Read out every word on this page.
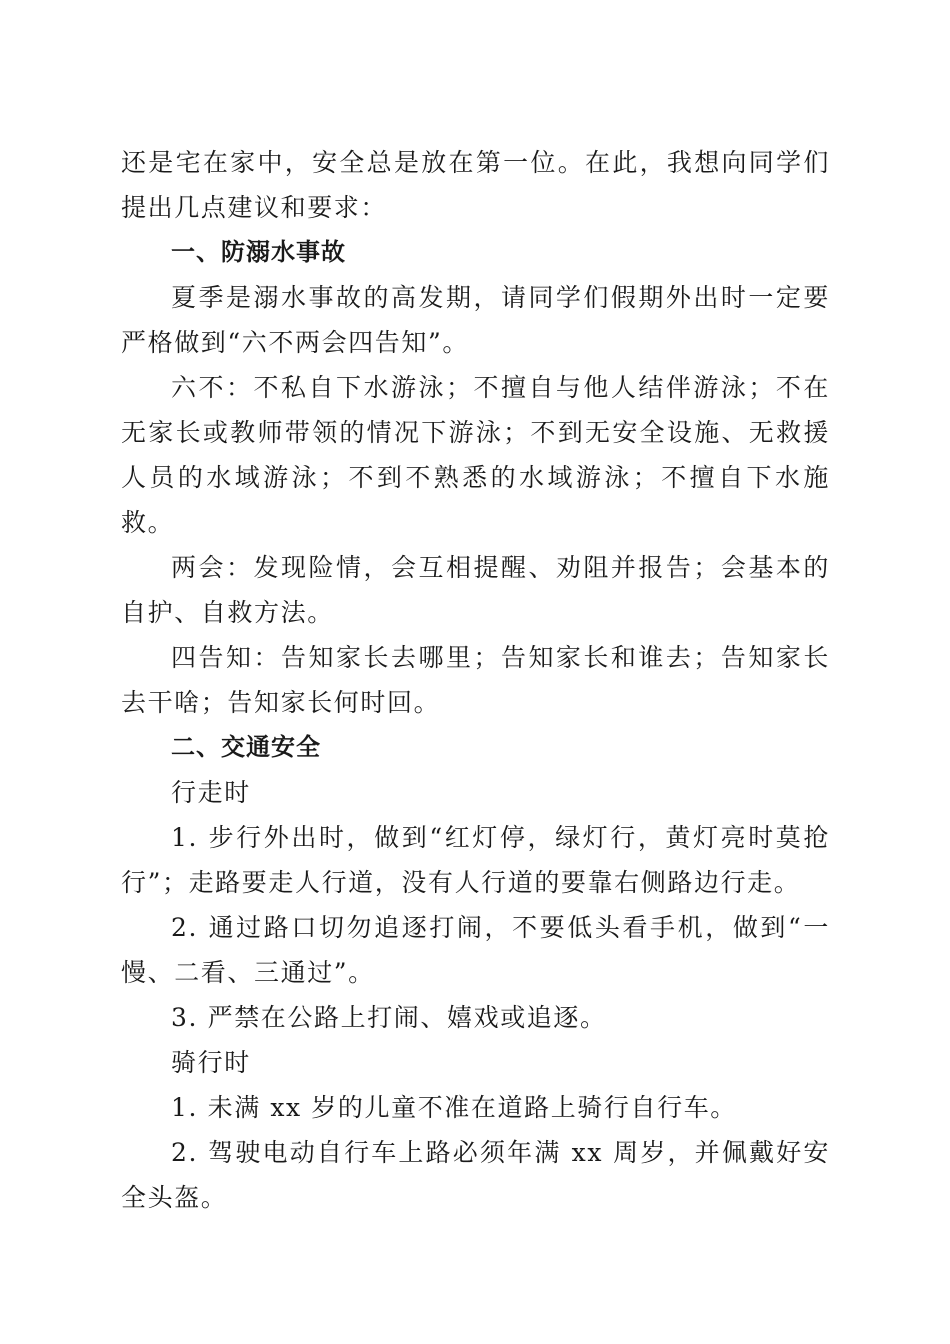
还是宅在家中，安全总是放在第一位。在此，我想向同学们提出几点建议和要求：

一、防溺水事故

夏季是溺水事故的高发期，请同学们假期外出时一定要严格做到“六不两会四告知”。

六不：不私自下水游泳；不擅自与他人结伴游泳；不在无家长或教师带领的情况下游泳；不到无安全设施、无救援人员的水域游泳；不到不熟悉的水域游泳；不擅自下水施救。

两会：发现险情，会互相提醒、劝阻并报告；会基本的自护、自救方法。

四告知：告知家长去哪里；告知家长和谁去；告知家长去干啥；告知家长何时回。

二、交通安全

行走时

1. 步行外出时，做到“红灯停，绿灯行，黄灯亮时莫抢行”；走路要走人行道，没有人行道的要靠右侧路边行走。

2. 通过路口切勿追逐打闹，不要低头看手机，做到“一慢、二看、三通过”。

3. 严禁在公路上打闹、嬉戏或追逐。

骑行时

1. 未满 xx 岁的儿童不准在道路上骑行自行车。

2. 驾驶电动自行车上路必须年满 xx 周岁，并佩戴好安全头盔。
